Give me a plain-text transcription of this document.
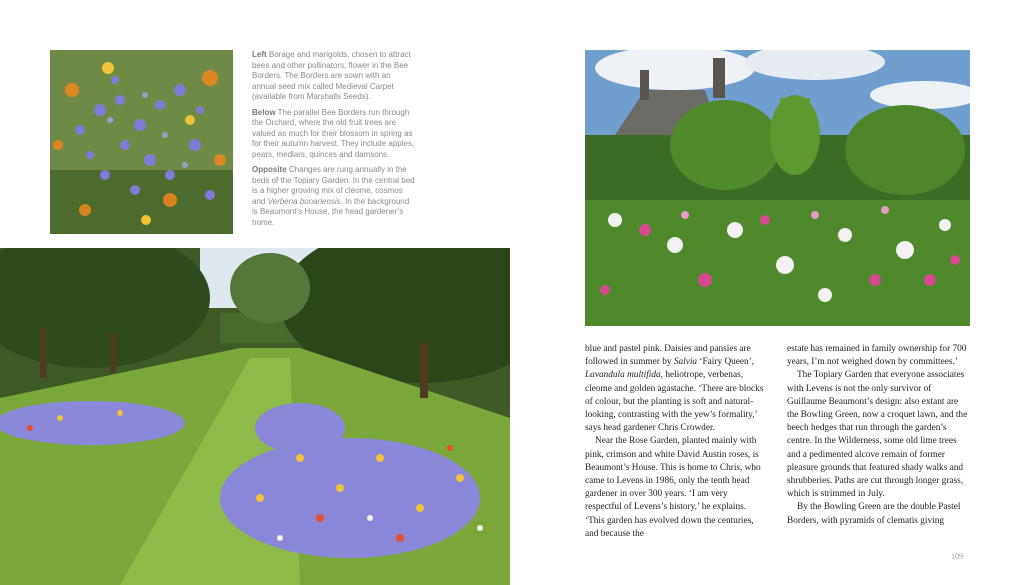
Left Borage and marigolds, chosen to attract bees and other pollinators, flower in the Bee Borders. The Borders are sown with an annual seed mix called Medieval Carpet (available from Marshalls Seeds).

Below The parallel Bee Borders run through the Orchard, where the old fruit trees are valued as much for their blossom in spring as for their autumn harvest. They include apples, pears, medlars, quinces and damsons.

Opposite Changes are rung annually in the beds of the Topiary Garden. In the central bed is a higher growing mix of cleome, cosmos and Verbena bonariensis. In the background is Beaumont’s House, the head gardener’s home.

blue and pastel pink. Daisies and pansies are followed in summer by Salvia ‘Fairy Queen’, Lavandula multifida, heliotrope, verbenas, cleome and golden agastache. ‘There are blocks of colour, but the planting is soft and natural-looking, contrasting with the yew’s formality,’ says head gardener Chris Crowder.

Near the Rose Garden, planted mainly with pink, crimson and white David Austin roses, is Beaumont’s House. This is home to Chris, who came to Levens in 1986, only the tenth head gardener in over 300 years. ‘I am very respectful of Levens’s history,’ he explains. ‘This garden has evolved down the centuries, and because the

estate has remained in family ownership for 700 years, I’m not weighed down by committees.’

The Topiary Garden that everyone associates with Levens is not the only survivor of Guillaume Beaumont’s design: also extant are the Bowling Green, now a croquet lawn, and the beech hedges that run through the garden’s centre. In the Wilderness, some old lime trees and a pedimented alcove remain of former pleasure grounds that featured shady walks and shrubberies. Paths are cut through longer grass, which is strimmed in July.

By the Bowling Green are the double Pastel Borders, with pyramids of clematis giving

109
